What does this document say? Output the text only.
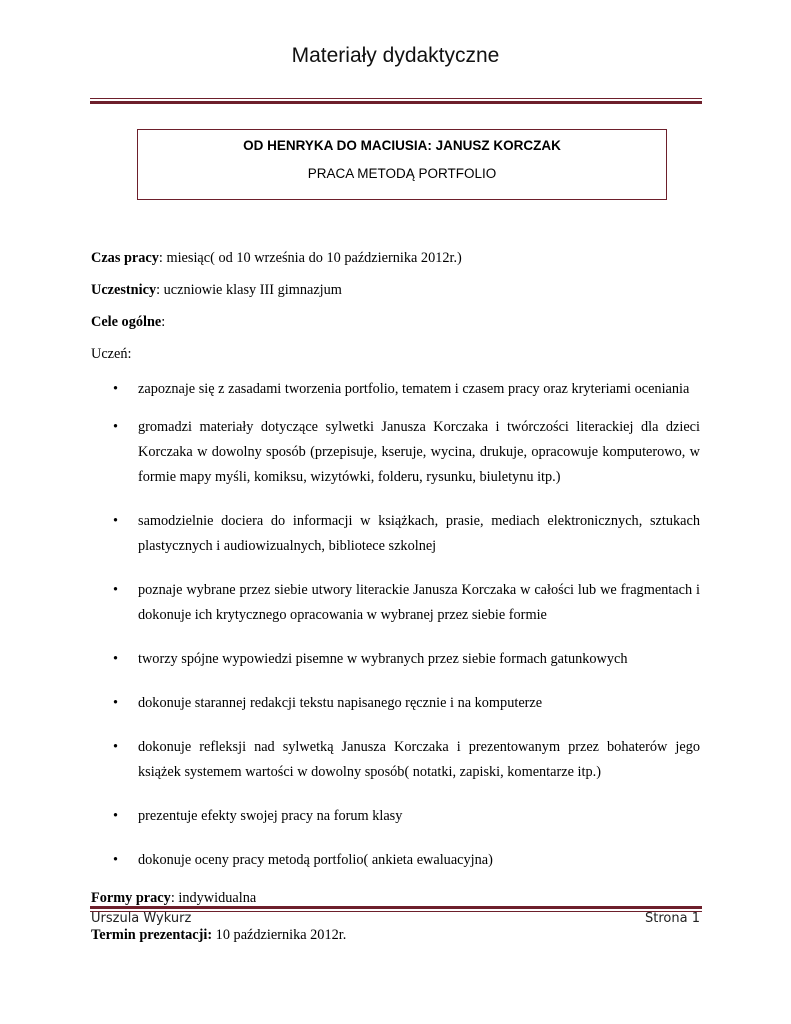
Materiały dydaktyczne
OD HENRYKA DO MACIUSIA: JANUSZ KORCZAK
PRACA METODĄ PORTFOLIO

Czas pracy: miesiąc( od 10 września do 10 października 2012r.)

Uczestnicy: uczniowie klasy III gimnazjum

Cele ogólne:

Uczeń:

• zapoznaje się z zasadami tworzenia portfolio, tematem i czasem pracy oraz kryteriami oceniania
• gromadzi materiały dotyczące sylwetki Janusza Korczaka i twórczości literackiej dla dzieci Korczaka w dowolny sposób (przepisuje, kseruje, wycina, drukuje, opracowuje komputerowo, w formie mapy myśli, komiksu, wizytówki, folderu, rysunku, biuletynu itp.)
• samodzielnie dociera do informacji w książkach, prasie, mediach elektronicznych, sztukach plastycznych i audiowizualnych, bibliotece szkolnej
• poznaje wybrane przez siebie utwory literackie Janusza Korczaka w całości lub we fragmentach i dokonuje ich krytycznego opracowania w wybranej przez siebie formie
• tworzy spójne wypowiedzi pisemne w wybranych przez siebie formach gatunkowych
• dokonuje starannej redakcji tekstu napisanego ręcznie i na komputerze
• dokonuje refleksji nad sylwetką Janusza Korczaka i prezentowanym przez bohaterów jego książek systemem wartości w dowolny sposób( notatki, zapiski, komentarze itp.)
• prezentuje efekty swojej pracy na forum klasy
• dokonuje oceny pracy metodą portfolio( ankieta ewaluacyjna)

Formy pracy: indywidualna

Termin prezentacji: 10 października 2012r.

Urszula Wykurz	Strona 1
